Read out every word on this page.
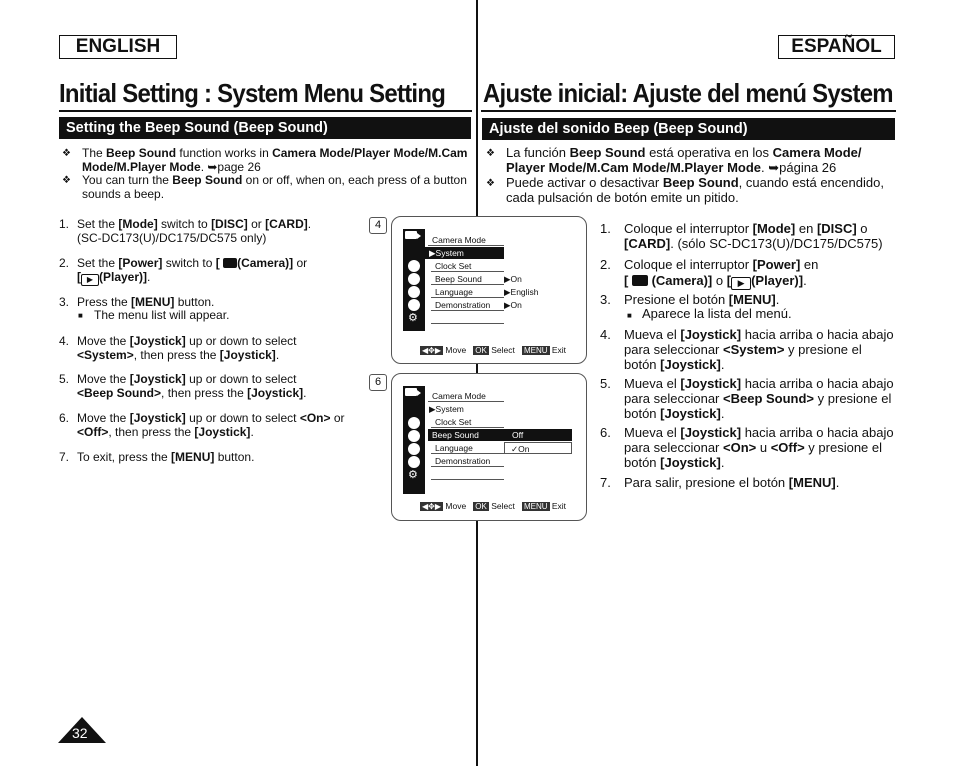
ENGLISH	ESPAÑOL
Initial Setting : System Menu Setting Ajuste inicial: Ajuste del menú System
Setting the Beep Sound (Beep Sound)	Ajuste del sonido Beep (Beep Sound)
❖ The Beep Sound function works in Camera Mode/Player Mode/M.Cam
Mode/M.Player Mode. ➥page 26
❖ You can turn the Beep Sound on or off, when on, each press of a button
sounds a beep.
1. Set the [Mode] switch to [DISC] or [CARD].
(SC-DC173(U)/DC175/DC575 only)
2. Set the [Power] switch to [ (Camera)] or
[ ▶ (Player)].
3. Press the [MENU] button.
■ The menu list will appear.
4. Move the [Joystick] up or down to select
<System>, then press the [Joystick].
5. Move the [Joystick] up or down to select
<Beep Sound>, then press the [Joystick].
6. Move the [Joystick] up or down to select <On> or
<Off>, then press the [Joystick].
7. To exit, press the [MENU] button.
4
⚙
Camera Mode
▶System
Clock Set
Beep Sound
Language
Demonstration
▶On
▶English
▶On
◀✥▶ Move OK Select MENU Exit
6
⚙
Camera Mode
▶System
Clock Set
Beep Sound
Language
Demonstration
Off
✓On
◀✥▶ Move OK Select MENU Exit
❖ La función Beep Sound está operativa en los Camera Mode/
Player Mode/M.Cam Mode/M.Player Mode. ➥página 26
❖ Puede activar o desactivar Beep Sound, cuando está encendido,
cada pulsación de botón emite un pitido.
1. Coloque el interruptor [Mode] en [DISC] o
[CARD]. (sólo SC-DC173(U)/DC175/DC575)
2. Coloque el interruptor [Power] en
[  (Camera)] o [ ▶ (Player)].
3. Presione el botón [MENU].
■ Aparece la lista del menú.
4. Mueva el [Joystick] hacia arriba o hacia abajo
para seleccionar <System> y presione el
botón [Joystick].
5. Mueva el [Joystick] hacia arriba o hacia abajo
para seleccionar <Beep Sound> y presione el
botón [Joystick].
6. Mueva el [Joystick] hacia arriba o hacia abajo
para seleccionar <On> u <Off> y presione el
botón [Joystick].
7. Para salir, presione el botón [MENU].
32
